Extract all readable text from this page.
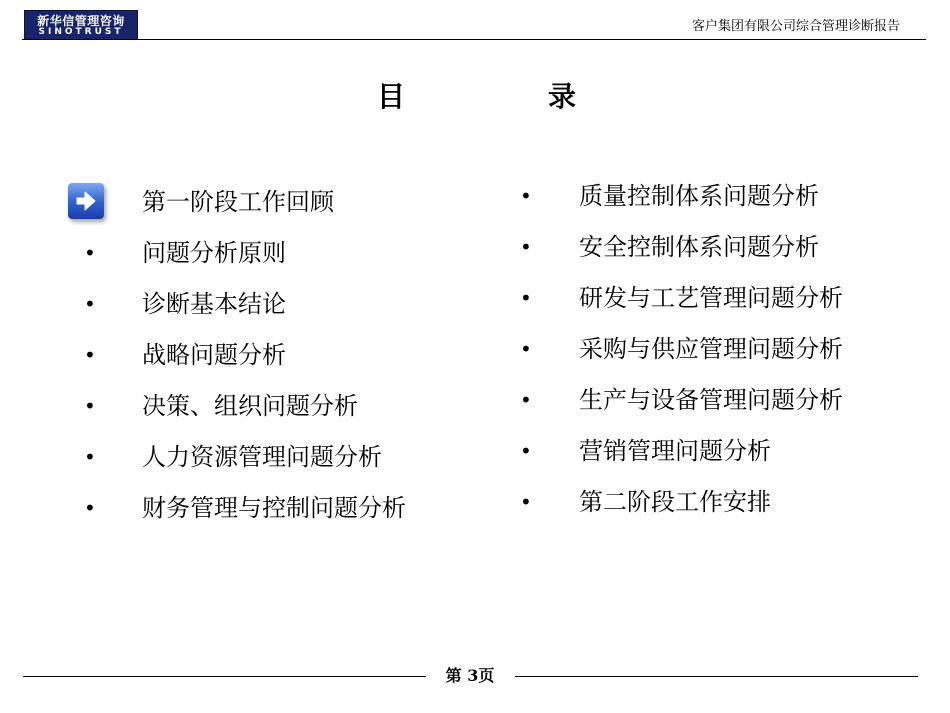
新华信管理咨询
SINOTRUST	客户集团有限公司综合管理诊断报告
目	录
第一阶段工作回顾
• 问题分析原则
• 诊断基本结论
• 战略问题分析
• 决策、组织问题分析
• 人力资源管理问题分析
• 财务管理与控制问题分析
• 质量控制体系问题分析
• 安全控制体系问题分析
• 研发与工艺管理问题分析
• 采购与供应管理问题分析
• 生产与设备管理问题分析
• 营销管理问题分析
• 第二阶段工作安排
第 3页
